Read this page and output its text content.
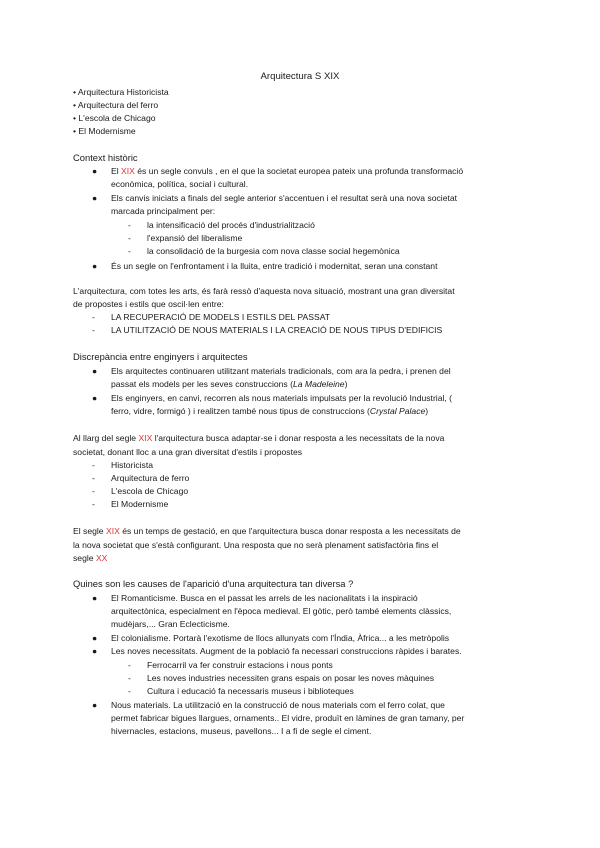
Arquitectura S XIX
• Arquitectura Historicista
• Arquitectura del ferro
• L'escola de Chicago
• El Modernisme
Context històric
● El XIX és un segle convuls , en el que la societat europea pateix una profunda transformació
econòmica, política, social i cultural.
● Els canvis iniciats a finals del segle anterior s'accentuen i el resultat serà una nova societat
marcada principalment per:
- la intensificació del procés d'industrialització
- l'expansió del liberalisme
- la consolidació de la burgesia com nova classe social hegemònica
● És un segle on l'enfrontament i la lluita, entre tradició i modernitat, seran una constant
L'arquitectura, com totes les arts, és farà ressò d'aquesta nova situació, mostrant una gran diversitat
de propostes i estils que oscil·len entre:
- LA RECUPERACIÓ DE MODELS I ESTILS DEL PASSAT
- LA UTILITZACIÓ DE NOUS MATERIALS I LA CREACIÓ DE NOUS TIPUS D'EDIFICIS
Discrepància entre enginyers i arquitectes
● Els arquitectes continuaren utilitzant materials tradicionals, com ara la pedra, i prenen del
passat els models per les seves construccions (La Madeleine)
● Els enginyers, en canvi, recorren als nous materials impulsats per la revolució Industrial, (
ferro, vidre, formigó ) i realitzen també nous tipus de construccions (Crystal Palace)
Al llarg del segle XIX l'arquitectura busca adaptar-se i donar resposta a les necessitats de la nova
societat, donant lloc a una gran diversitat d'estils i propostes
- Historicista
- Arquitectura de ferro
- L'escola de Chicago
- El Modernisme
El segle XIX és un temps de gestació, en que l'arquitectura busca donar resposta a les necessitats de
la nova societat que s'està configurant. Una resposta que no serà plenament satisfactòria fins el
segle XX
Quines son les causes de l'aparició d'una arquitectura tan diversa ?
● El Romanticisme. Busca en el passat les arrels de les nacionalitats i la inspiració
arquitectònica, especialment en l'època medieval. El gòtic, però també elements clàssics,
mudèjars,... Gran Eclecticisme.
● El colonialisme. Portarà l'exotisme de llocs allunyats com l'Índia, Àfrica... a les metròpolis
● Les noves necessitats. Augment de la població fa necessari construccions ràpides i barates.
- Ferrocarril va fer construir estacions i nous ponts
- Les noves industries necessiten grans espais on posar les noves màquines
- Cultura i educació fa necessaris museus i biblioteques
● Nous materials. La utilització en la construcció de nous materials com el ferro colat, que
permet fabricar bigues llargues, ornaments.. El vidre, produït en làmines de gran tamany, per
hivernacles, estacions, museus, pavellons... I a fi de segle el ciment.
